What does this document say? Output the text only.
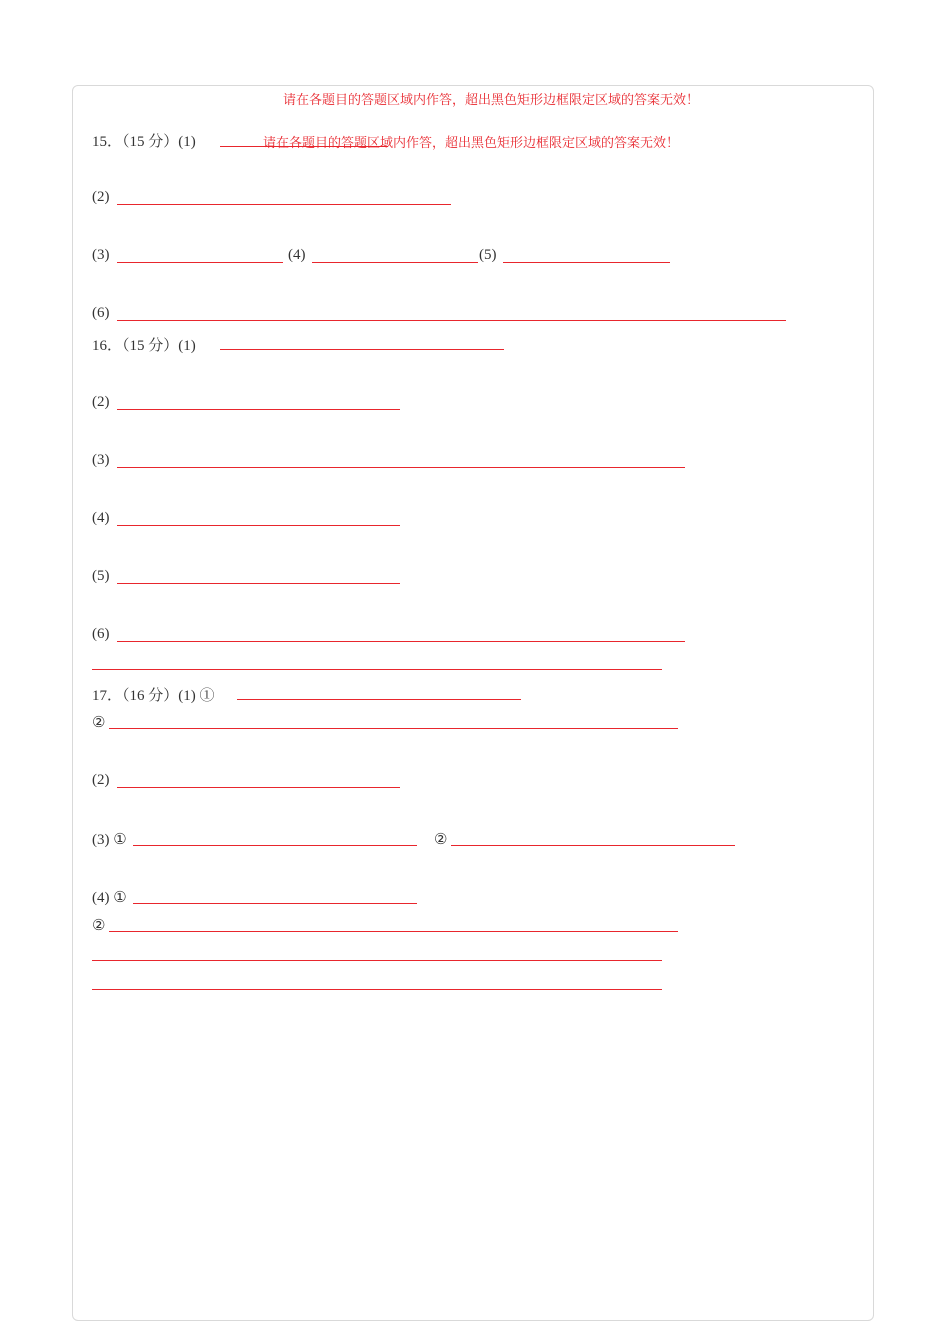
请在各题目的答题区域内作答，超出黑色矩形边框限定区域的答案无效！
15．（15 分）(1)	请在各题目的答题区域内作答，超出黑色矩形边框限定区域的答案无效！
(2)
(3)	(4)	(5)
(6)
16．（15 分）(1)
(2)
(3)
(4)
(5)
(6)
17．（16 分）(1) ①
②
(2)
(3) ①	②
(4) ①
②
